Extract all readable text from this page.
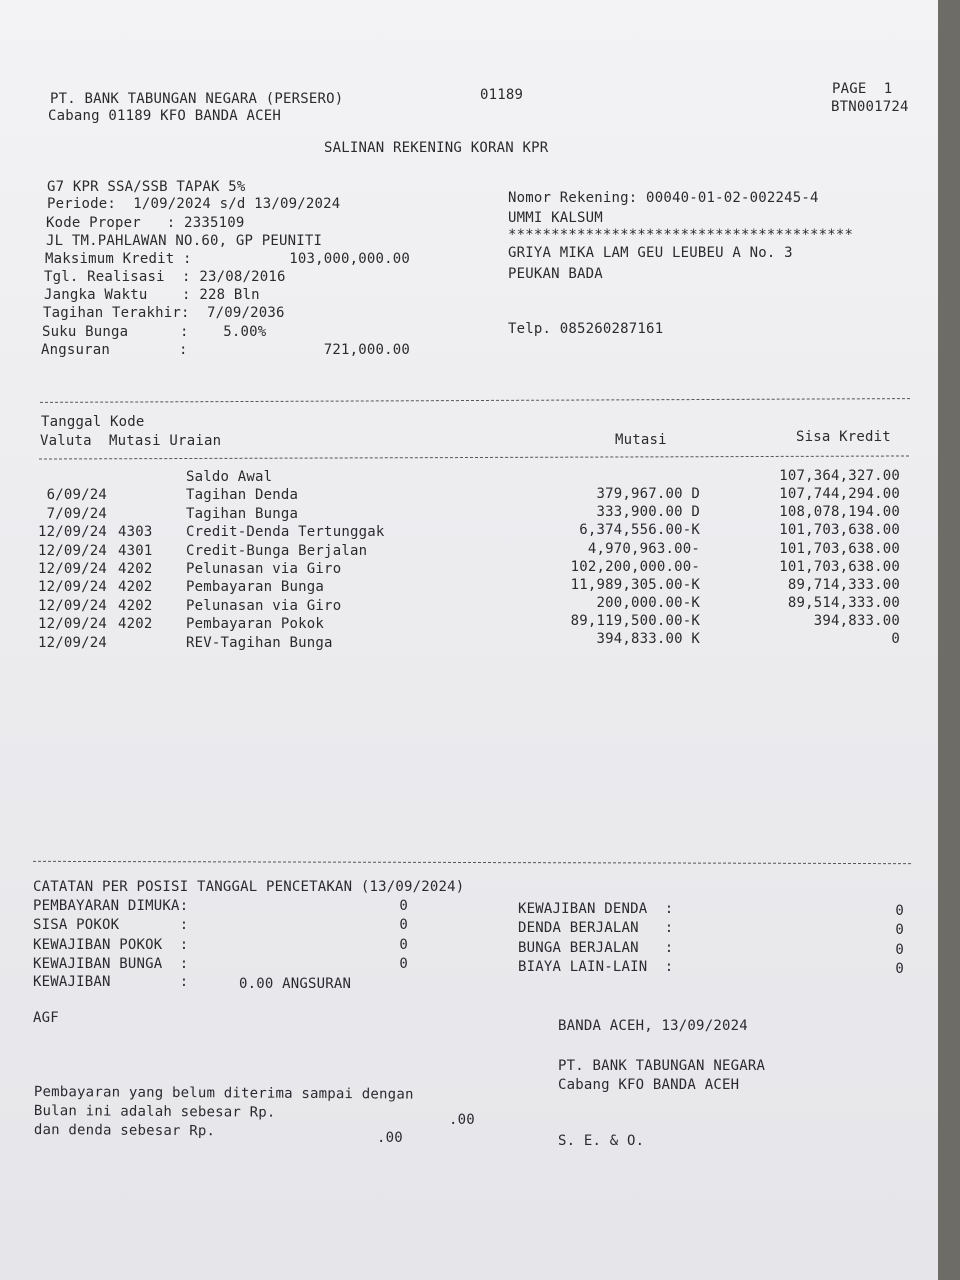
PT. BANK TABUNGAN NEGARA (PERSERO)
Cabang 01189 KFO BANDA ACEH
01189	PAGE  1
BTN001724
SALINAN REKENING KORAN KPR
G7 KPR SSA/SSB TAPAK 5%
Periode:  1/09/2024 s/d 13/09/2024
Kode Proper   : 2335109
JL TM.PAHLAWAN NO.60, GP PEUNITI
Maksimum Kredit :	103,000,000.00
Tgl. Realisasi  : 23/08/2016
Jangka Waktu    : 228 Bln
Tagihan Terakhir:  7/09/2036
Suku Bunga      :    5.00%
Angsuran        :	721,000.00
Nomor Rekening: 00040-01-02-002245-4
UMMI KALSUM
****************************************
GRIYA MIKA LAM GEU LEUBEU A No. 3
PEUKAN BADA
Telp. 085260287161
Tanggal Kode
Valuta  Mutasi Uraian	Mutasi	Sisa Kredit
Saldo Awal	107,364,327.00
6/09/24	Tagihan Denda	379,967.00 D	107,744,294.00
7/09/24	Tagihan Bunga	333,900.00 D	108,078,194.00
12/09/24 4303 Credit-Denda Tertunggak	6,374,556.00-K	101,703,638.00
12/09/24 4301 Credit-Bunga Berjalan	4,970,963.00-	101,703,638.00
12/09/24 4202 Pelunasan via Giro	102,200,000.00-	101,703,638.00
12/09/24 4202 Pembayaran Bunga	11,989,305.00-K	89,714,333.00
12/09/24 4202 Pelunasan via Giro	200,000.00-K	89,514,333.00
12/09/24 4202 Pembayaran Pokok	89,119,500.00-K	394,833.00
12/09/24	REV-Tagihan Bunga	394,833.00 K	0
CATATAN PER POSISI TANGGAL PENCETAKAN (13/09/2024)
PEMBAYARAN DIMUKA:	0
SISA POKOK       :	0
KEWAJIBAN POKOK  :	0
KEWAJIBAN BUNGA  :	0
KEWAJIBAN DENDA  :	0
DENDA BERJALAN   :	0
BUNGA BERJALAN   :	0
BIAYA LAIN-LAIN  :	0
KEWAJIBAN        :	0.00 ANGSURAN
AGF	BANDA ACEH, 13/09/2024
PT. BANK TABUNGAN NEGARA
Cabang KFO BANDA ACEH
Pembayaran yang belum diterima sampai dengan
Bulan ini adalah sebesar Rp.	.00
dan denda sebesar Rp.	.00	S. E. & O.
